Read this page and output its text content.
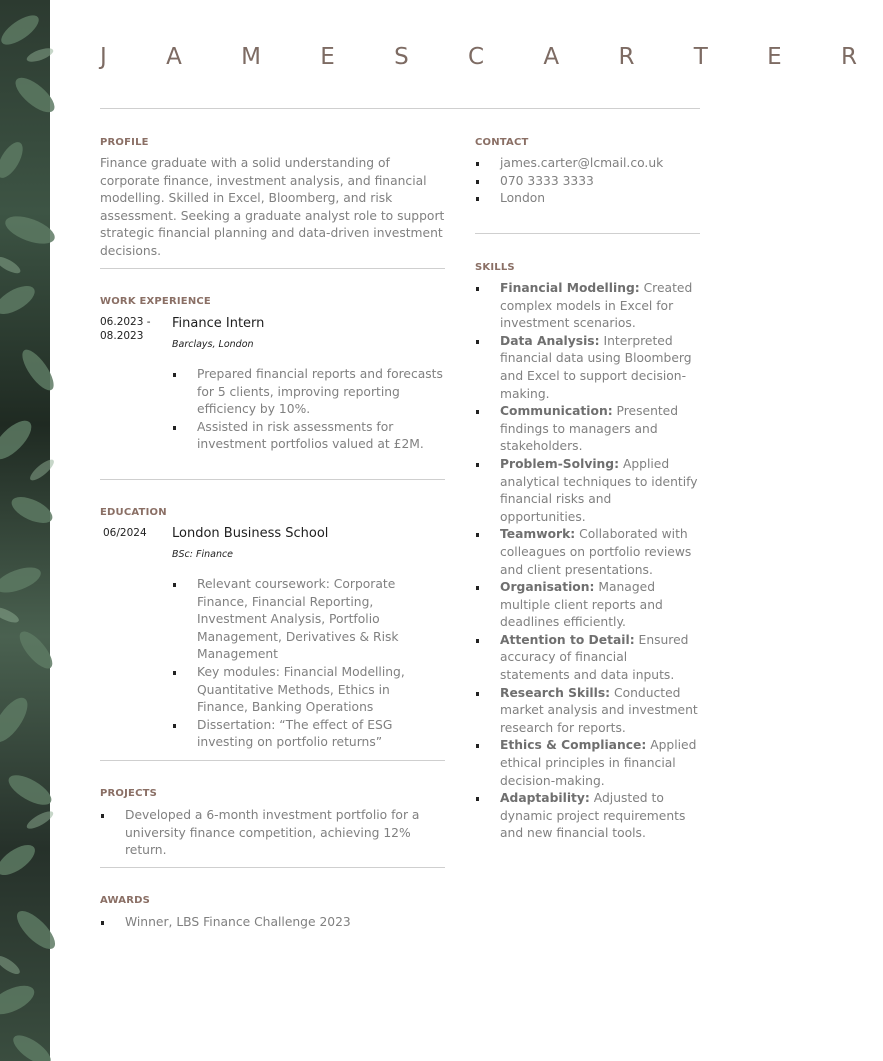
J A M E S C A R T E R
PROFILE
Finance graduate with a solid understanding of corporate finance, investment analysis, and financial modelling. Skilled in Excel, Bloomberg, and risk assessment. Seeking a graduate analyst role to support strategic financial planning and data-driven investment decisions.
WORK EXPERIENCE
06.2023 - 08.2023
Finance Intern
Barclays, London
Prepared financial reports and forecasts for 5 clients, improving reporting efficiency by 10%.
Assisted in risk assessments for investment portfolios valued at £2M.
EDUCATION
06/2024 London Business School
BSc: Finance
Relevant coursework: Corporate Finance, Financial Reporting, Investment Analysis, Portfolio Management, Derivatives & Risk Management
Key modules: Financial Modelling, Quantitative Methods, Ethics in Finance, Banking Operations
Dissertation: “The effect of ESG investing on portfolio returns”
PROJECTS
Developed a 6-month investment portfolio for a university finance competition, achieving 12% return.
AWARDS
Winner, LBS Finance Challenge 2023
CONTACT
james.carter@lcmail.co.uk
070 3333 3333
London
SKILLS
Financial Modelling: Created complex models in Excel for investment scenarios.
Data Analysis: Interpreted financial data using Bloomberg and Excel to support decision-making.
Communication: Presented findings to managers and stakeholders.
Problem-Solving: Applied analytical techniques to identify financial risks and opportunities.
Teamwork: Collaborated with colleagues on portfolio reviews and client presentations.
Organisation: Managed multiple client reports and deadlines efficiently.
Attention to Detail: Ensured accuracy of financial statements and data inputs.
Research Skills: Conducted market analysis and investment research for reports.
Ethics & Compliance: Applied ethical principles in financial decision-making.
Adaptability: Adjusted to dynamic project requirements and new financial tools.
